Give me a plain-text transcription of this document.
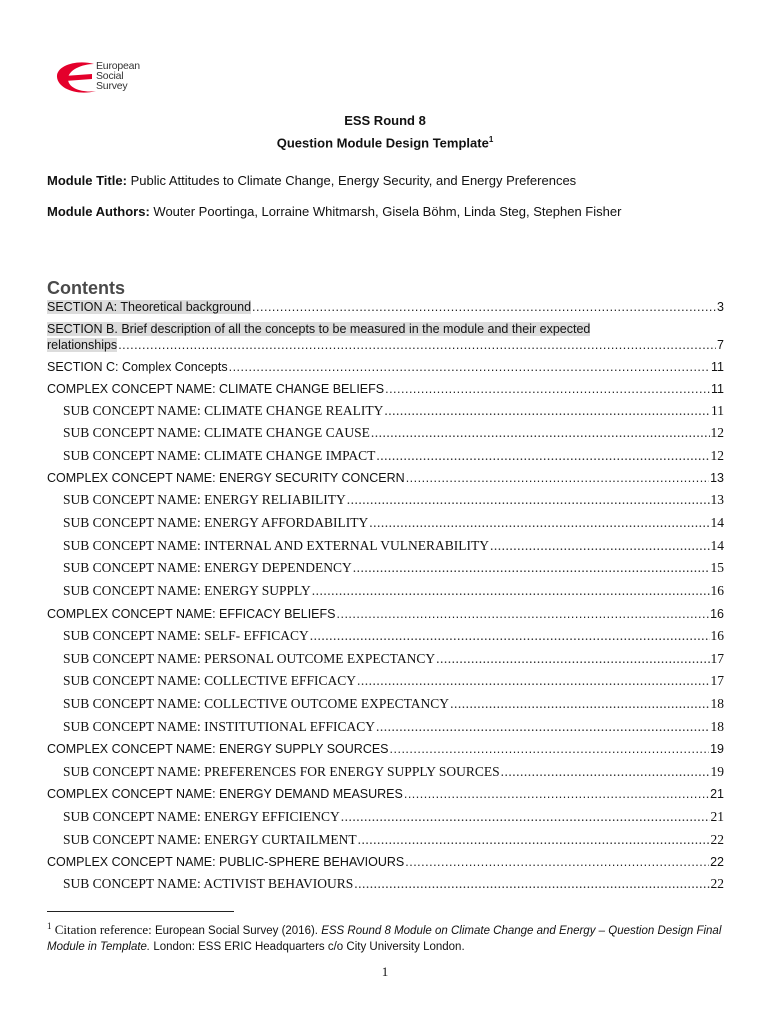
European
Social
Survey
ESS Round 8
Question Module Design Template$^1$
Module Title: Public Attitudes to Climate Change, Energy Security, and Energy Preferences
Module Authors: Wouter Poortinga, Lorraine Whitmarsh, Gisela Böhm, Linda Steg, Stephen Fisher
Contents
SECTION A: Theoretical background .....	3
SECTION B. Brief description of all the concepts to be measured in the module and their expected
relationships .....	7
SECTION C: Complex Concepts .....	11
COMPLEX CONCEPT NAME: CLIMATE CHANGE BELIEFS .....	11
SUB CONCEPT NAME: CLIMATE CHANGE REALITY .....	11
SUB CONCEPT NAME: CLIMATE CHANGE CAUSE .....	12
SUB CONCEPT NAME: CLIMATE CHANGE IMPACT .....	12
COMPLEX CONCEPT NAME: ENERGY SECURITY CONCERN .....	13
SUB CONCEPT NAME: ENERGY RELIABILITY .....	13
SUB CONCEPT NAME: ENERGY AFFORDABILITY .....	14
SUB CONCEPT NAME: INTERNAL AND EXTERNAL VULNERABILITY .....	14
SUB CONCEPT NAME: ENERGY DEPENDENCY .....	15
SUB CONCEPT NAME: ENERGY SUPPLY .....	16
COMPLEX CONCEPT NAME: EFFICACY BELIEFS .....	16
SUB CONCEPT NAME: SELF- EFFICACY .....	16
SUB CONCEPT NAME: PERSONAL OUTCOME EXPECTANCY .....	17
SUB CONCEPT NAME: COLLECTIVE EFFICACY .....	17
SUB CONCEPT NAME: COLLECTIVE OUTCOME EXPECTANCY .....	18
SUB CONCEPT NAME: INSTITUTIONAL EFFICACY .....	18
COMPLEX CONCEPT NAME: ENERGY SUPPLY SOURCES .....	19
SUB CONCEPT NAME: PREFERENCES FOR ENERGY SUPPLY SOURCES .....	19
COMPLEX CONCEPT NAME: ENERGY DEMAND MEASURES .....	21
SUB CONCEPT NAME: ENERGY EFFICIENCY .....	21
SUB CONCEPT NAME: ENERGY CURTAILMENT .....	22
COMPLEX CONCEPT NAME: PUBLIC-SPHERE BEHAVIOURS .....	22
SUB CONCEPT NAME: ACTIVIST BEHAVIOURS .....	22
$^1$ Citation reference: European Social Survey (2016). ESS Round 8 Module on Climate Change and Energy – Question Design Final Module in Template. London: ESS ERIC Headquarters c/o City University London.
1
